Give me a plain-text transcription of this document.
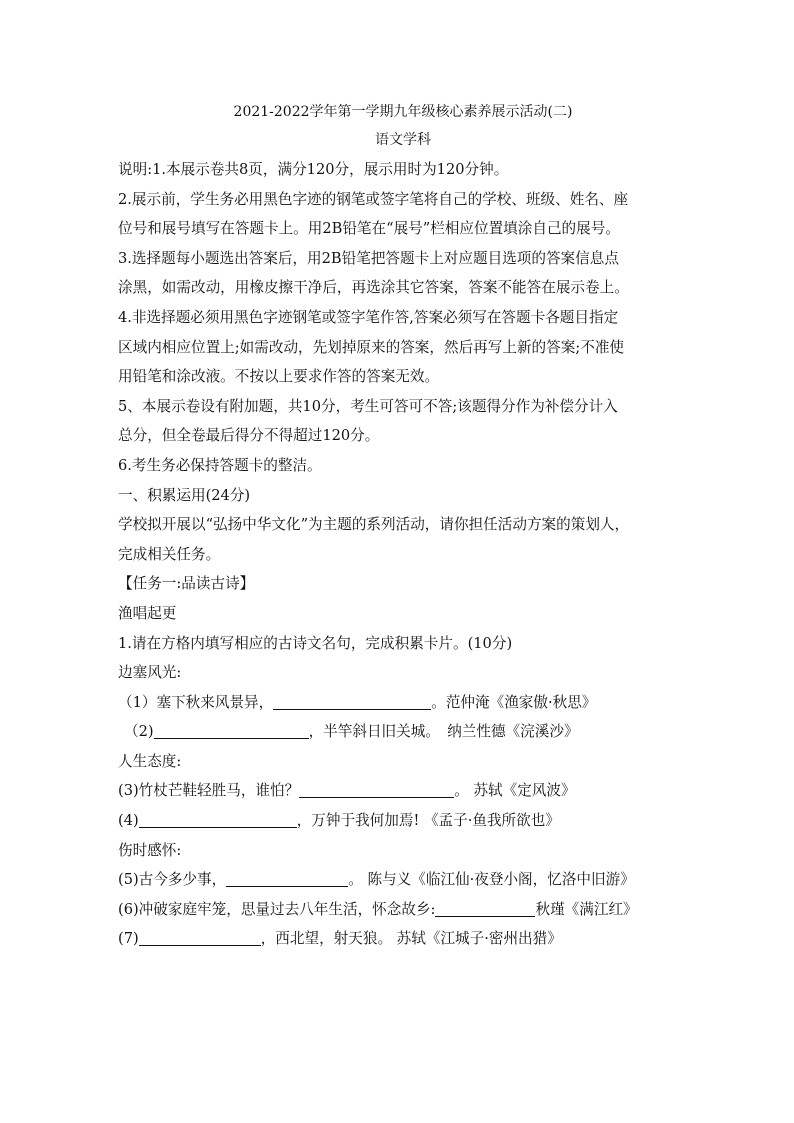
2021-2022学年第一学期九年级核心素养展示活动(二)

语文学科

说明:1.本展示卷共8页，满分120分，展示用时为120分钟。

2.展示前，学生务必用黑色字迹的钢笔或签字笔将自己的学校、班级、姓名、座

位号和展号填写在答题卡上。用2B铅笔在“展号”栏相应位置填涂自己的展号。

3.选择题每小题选出答案后，用2B铅笔把答题卡上对应题目选项的答案信息点

涂黑，如需改动，用橡皮擦干净后，再选涂其它答案，答案不能答在展示卷上。

4.非选择题必须用黑色字迹钢笔或签字笔作答,答案必须写在答题卡各题目指定

区域内相应位置上;如需改动，先划掉原来的答案，然后再写上新的答案;不准使

用铅笔和涂改液。不按以上要求作答的答案无效。

5、本展示卷设有附加题，共10分，考生可答可不答;该题得分作为补偿分计入

总分，但全卷最后得分不得超过120分。

6.考生务必保持答题卡的整洁。

一、积累运用(24分)

学校拟开展以“弘扬中华文化”为主题的系列活动，请你担任活动方案的策划人，

完成相关任务。

【任务一:品读古诗】

渔唱起更

1.请在方格内填写相应的古诗文名句，完成积累卡片。(10分)

边塞风光:

（1）塞下秋来风景异，	。范仲淹《渔家傲·秋思》

（2)	，半竿斜日旧关城。　纳兰性德《浣溪沙》

人生态度:

(3)竹杖芒鞋轻胜马，谁怕？	。 苏轼《定风波》

(4)	，万钟于我何加焉! 《孟子·鱼我所欲也》

伤时感怀:

(5)古今多少事，	。 陈与义《临江仙·夜登小阁，忆洛中旧游》

(6)冲破家庭牢笼，思量过去八年生活，怀念故乡:	秋瑾《满江红》

(7)	，西北望，射天狼。 苏轼《江城子·密州出猎》
